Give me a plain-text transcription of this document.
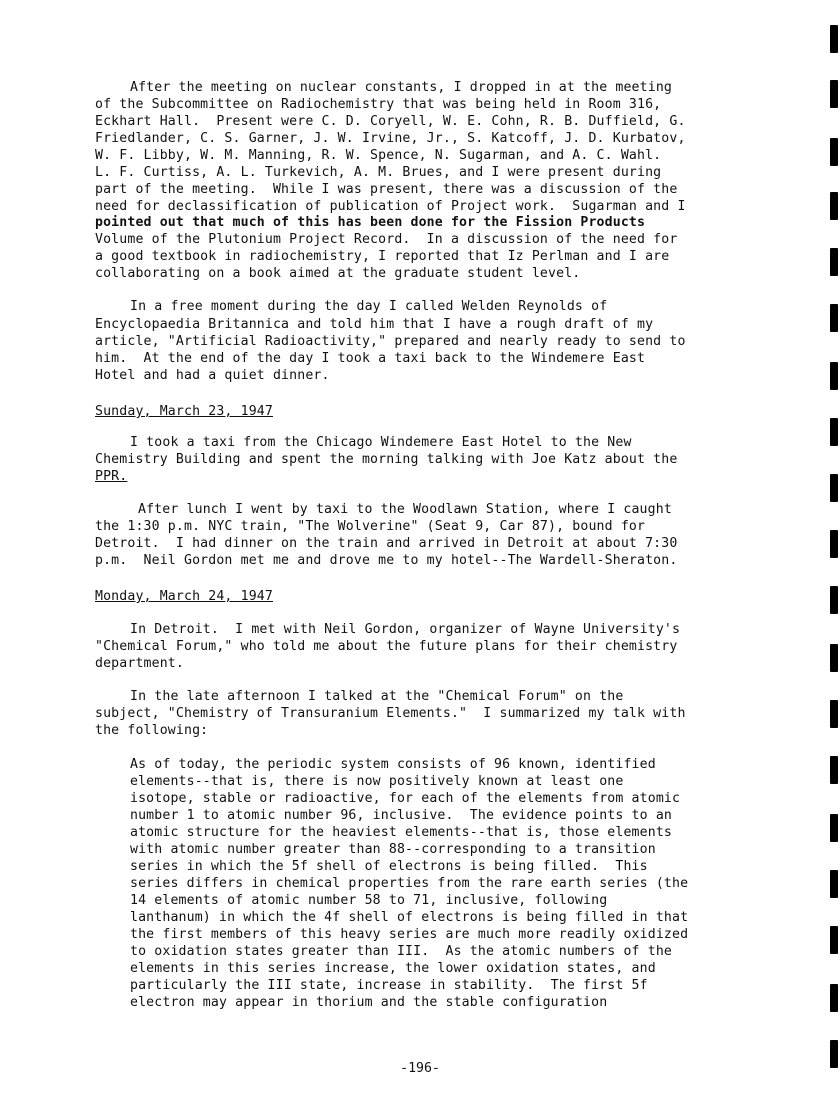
After the meeting on nuclear constants, I dropped in at the meeting
of the Subcommittee on Radiochemistry that was being held in Room 316,
Eckhart Hall.  Present were C. D. Coryell, W. E. Cohn, R. B. Duffield, G.
Friedlander, C. S. Garner, J. W. Irvine, Jr., S. Katcoff, J. D. Kurbatov,
W. F. Libby, W. M. Manning, R. W. Spence, N. Sugarman, and A. C. Wahl.
L. F. Curtiss, A. L. Turkevich, A. M. Brues, and I were present during
part of the meeting.  While I was present, there was a discussion of the
need for declassification of publication of Project work.  Sugarman and I
pointed out that much of this has been done for the Fission Products
Volume of the Plutonium Project Record.  In a discussion of the need for
a good textbook in radiochemistry, I reported that Iz Perlman and I are
collaborating on a book aimed at the graduate student level.
In a free moment during the day I called Welden Reynolds of
Encyclopaedia Britannica and told him that I have a rough draft of my
article, "Artificial Radioactivity," prepared and nearly ready to send to
him.  At the end of the day I took a taxi back to the Windemere East
Hotel and had a quiet dinner.
Sunday, March 23, 1947
I took a taxi from the Chicago Windemere East Hotel to the New
Chemistry Building and spent the morning talking with Joe Katz about the
PPR.
After lunch I went by taxi to the Woodlawn Station, where I caught
the 1:30 p.m. NYC train, "The Wolverine" (Seat 9, Car 87), bound for
Detroit.  I had dinner on the train and arrived in Detroit at about 7:30
p.m.  Neil Gordon met me and drove me to my hotel--The Wardell-Sheraton.
Monday, March 24, 1947
In Detroit.  I met with Neil Gordon, organizer of Wayne University's
"Chemical Forum," who told me about the future plans for their chemistry
department.
In the late afternoon I talked at the "Chemical Forum" on the
subject, "Chemistry of Transuranium Elements."  I summarized my talk with
the following:
As of today, the periodic system consists of 96 known, identified
elements--that is, there is now positively known at least one
isotope, stable or radioactive, for each of the elements from atomic
number 1 to atomic number 96, inclusive.  The evidence points to an
atomic structure for the heaviest elements--that is, those elements
with atomic number greater than 88--corresponding to a transition
series in which the 5f shell of electrons is being filled.  This
series differs in chemical properties from the rare earth series (the
14 elements of atomic number 58 to 71, inclusive, following
lanthanum) in which the 4f shell of electrons is being filled in that
the first members of this heavy series are much more readily oxidized
to oxidation states greater than III.  As the atomic numbers of the
elements in this series increase, the lower oxidation states, and
particularly the III state, increase in stability.  The first 5f
electron may appear in thorium and the stable configuration
-196-
